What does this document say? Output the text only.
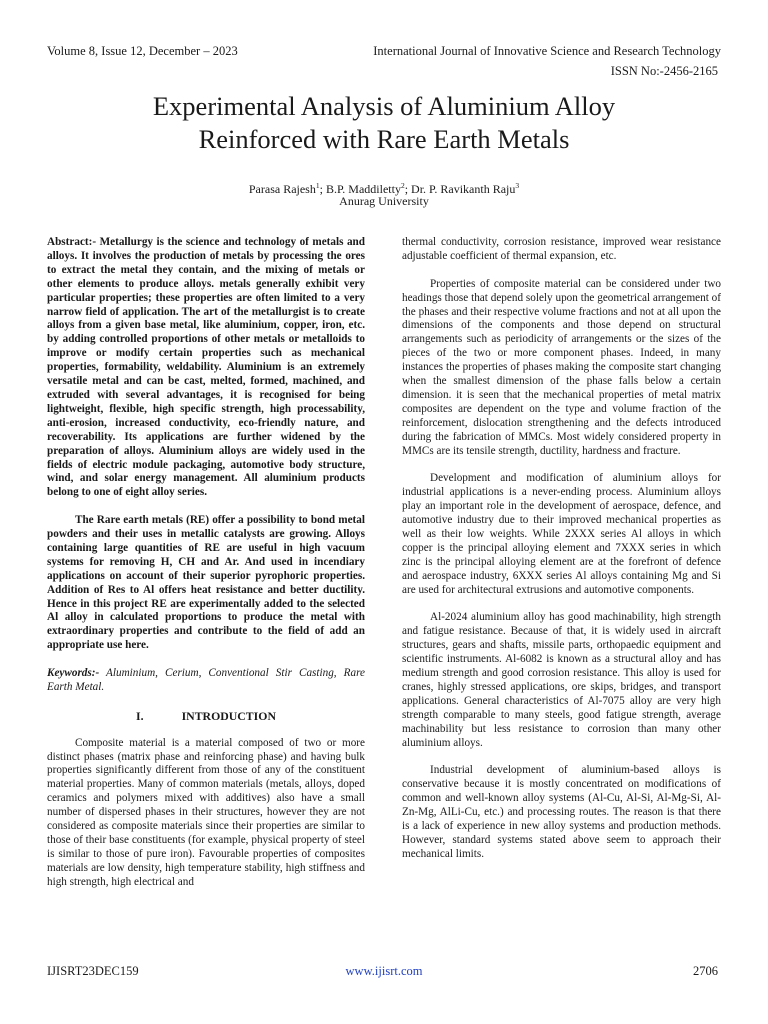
Volume 8, Issue 12, December – 2023	International Journal of Innovative Science and Research Technology
ISSN No:-2456-2165
Experimental Analysis of Aluminium Alloy
Reinforced with Rare Earth Metals
Parasa Rajesh$^1$; B.P. Maddiletty$^2$; Dr. P. Ravikanth Raju$^3$
Anurag University

Abstract:- Metallurgy is the science and technology of metals and alloys. It involves the production of metals by processing the ores to extract the metal they contain, and the mixing of metals or other elements to produce alloys. metals generally exhibit very particular properties; these properties are often limited to a very narrow field of application. The art of the metallurgist is to create alloys from a given base metal, like aluminium, copper, iron, etc. by adding controlled proportions of other metals or metalloids to improve or modify certain properties such as mechanical properties, formability, weldability. Aluminium is an extremely versatile metal and can be cast, melted, formed, machined, and extruded with several advantages, it is recognised for being lightweight, flexible, high specific strength, high processability, anti-erosion, increased conductivity, eco-friendly nature, and recoverability. Its applications are further widened by the preparation of alloys. Aluminium alloys are widely used in the fields of electric module packaging, automotive body structure, wind, and solar energy management. All aluminium products belong to one of eight alloy series.

The Rare earth metals (RE) offer a possibility to bond metal powders and their uses in metallic catalysts are growing. Alloys containing large quantities of RE are useful in high vacuum systems for removing H, CH and Ar. And used in incendiary applications on account of their superior pyrophoric properties. Addition of Res to Al offers heat resistance and better ductility. Hence in this project RE are experimentally added to the selected Al alloy in calculated proportions to produce the metal with extraordinary properties and contribute to the field of add an appropriate use here.

Keywords:- Aluminium, Cerium, Conventional Stir Casting, Rare Earth Metal.

I.	INTRODUCTION

Composite material is a material composed of two or more distinct phases (matrix phase and reinforcing phase) and having bulk properties significantly different from those of any of the constituent material properties. Many of common materials (metals, alloys, doped ceramics and polymers mixed with additives) also have a small number of dispersed phases in their structures, however they are not considered as composite materials since their properties are similar to those of their base constituents (for example, physical property of steel is similar to those of pure iron). Favourable properties of composites materials are low density, high temperature stability, high stiffness and high strength, high electrical and

thermal conductivity, corrosion resistance, improved wear resistance adjustable coefficient of thermal expansion, etc.

Properties of composite material can be considered under two headings those that depend solely upon the geometrical arrangement of the phases and their respective volume fractions and not at all upon the dimensions of the components and those depend on structural arrangements such as periodicity of arrangements or the sizes of the pieces of the two or more component phases. Indeed, in many instances the properties of phases making the composite start changing when the smallest dimension of the phase falls below a certain dimension. it is seen that the mechanical properties of metal matrix composites are dependent on the type and volume fraction of the reinforcement, dislocation strengthening and the defects introduced during the fabrication of MMCs. Most widely considered property in MMCs are its tensile strength, ductility, hardness and fracture.

Development and modification of aluminium alloys for industrial applications is a never-ending process. Aluminium alloys play an important role in the development of aerospace, defence, and automotive industry due to their improved mechanical properties as well as their low weights. While 2XXX series Al alloys in which copper is the principal alloying element and 7XXX series in which zinc is the principal alloying element are at the forefront of defence and aerospace industry, 6XXX series Al alloys containing Mg and Si are used for architectural extrusions and automotive components.

Al-2024 aluminium alloy has good machinability, high strength and fatigue resistance. Because of that, it is widely used in aircraft structures, gears and shafts, missile parts, orthopaedic equipment and scientific instruments. Al-6082 is known as a structural alloy and has medium strength and good corrosion resistance. This alloy is used for cranes, highly stressed applications, ore skips, bridges, and transport applications. General characteristics of Al-7075 alloy are very high strength comparable to many steels, good fatigue strength, average machinability but less resistance to corrosion than many other aluminium alloys.

Industrial development of aluminium-based alloys is conservative because it is mostly concentrated on modifications of common and well-known alloy systems (Al-Cu, Al-Si, Al-Mg-Si, Al-Zn-Mg, AlLi-Cu, etc.) and processing routes. The reason is that there is a lack of experience in new alloy systems and production methods. However, standard systems stated above seem to approach their mechanical limits.

IJISRT23DEC159	www.ijisrt.com	2706
